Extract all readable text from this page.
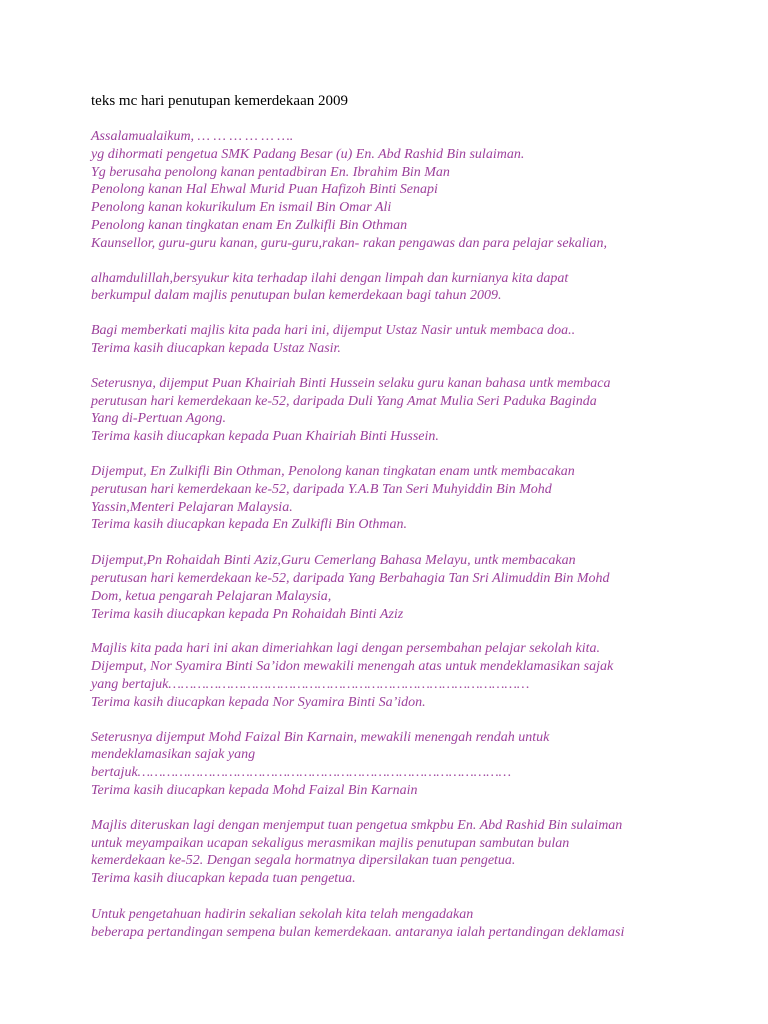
teks mc hari penutupan kemerdekaan 2009

Assalamualaikum, … … … … … ….
yg dihormati pengetua SMK Padang Besar (u) En. Abd Rashid Bin sulaiman.
Yg berusaha penolong kanan pentadbiran En. Ibrahim Bin Man
Penolong kanan Hal Ehwal Murid Puan Hafizoh Binti Senapi
Penolong kanan kokurikulum En ismail Bin Omar Ali
Penolong kanan tingkatan enam En Zulkifli Bin Othman
Kaunsellor, guru-guru kanan, guru-guru,rakan- rakan pengawas dan para pelajar sekalian,

alhamdulillah,bersyukur kita terhadap ilahi dengan limpah dan kurnianya kita dapat
berkumpul dalam majlis penutupan bulan kemerdekaan bagi tahun 2009.

Bagi memberkati majlis kita pada hari ini, dijemput Ustaz Nasir untuk membaca doa..
Terima kasih diucapkan kepada Ustaz Nasir.

Seterusnya, dijemput Puan Khairiah Binti Hussein selaku guru kanan bahasa untk membaca
perutusan hari kemerdekaan ke-52, daripada Duli Yang Amat Mulia Seri Paduka Baginda
Yang di-Pertuan Agong.
Terima kasih diucapkan kepada Puan Khairiah Binti Hussein.

Dijemput, En Zulkifli Bin Othman, Penolong kanan tingkatan enam untk membacakan
perutusan hari kemerdekaan ke-52, daripada Y.A.B Tan Seri Muhyiddin Bin Mohd
Yassin,Menteri Pelajaran Malaysia.
Terima kasih diucapkan kepada En Zulkifli Bin Othman.

Dijemput,Pn Rohaidah Binti Aziz,Guru Cemerlang Bahasa Melayu, untk membacakan
perutusan hari kemerdekaan ke-52, daripada Yang Berbahagia Tan Sri Alimuddin Bin Mohd
Dom, ketua pengarah Pelajaran Malaysia,
Terima kasih diucapkan kepada Pn Rohaidah Binti Aziz

Majlis kita pada hari ini akan dimeriahkan lagi dengan persembahan pelajar sekolah kita.
Dijemput, Nor Syamira Binti Sa’idon mewakili menengah atas untuk mendeklamasikan sajak
yang bertajuk……………………………………………………………………………
Terima kasih diucapkan kepada Nor Syamira Binti Sa’idon.

Seterusnya dijemput Mohd Faizal Bin Karnain, mewakili menengah rendah untuk
mendeklamasikan sajak yang
bertajuk………………………………………………………………………………
Terima kasih diucapkan kepada Mohd Faizal Bin Karnain

Majlis diteruskan lagi dengan menjemput tuan pengetua smkpbu En. Abd Rashid Bin sulaiman
untuk meyampaikan ucapan sekaligus merasmikan majlis penutupan sambutan bulan
kemerdekaan ke-52. Dengan segala hormatnya dipersilakan tuan pengetua.
Terima kasih diucapkan kepada tuan pengetua.

Untuk pengetahuan hadirin sekalian sekolah kita telah mengadakan
beberapa pertandingan sempena bulan kemerdekaan. antaranya ialah pertandingan deklamasi
